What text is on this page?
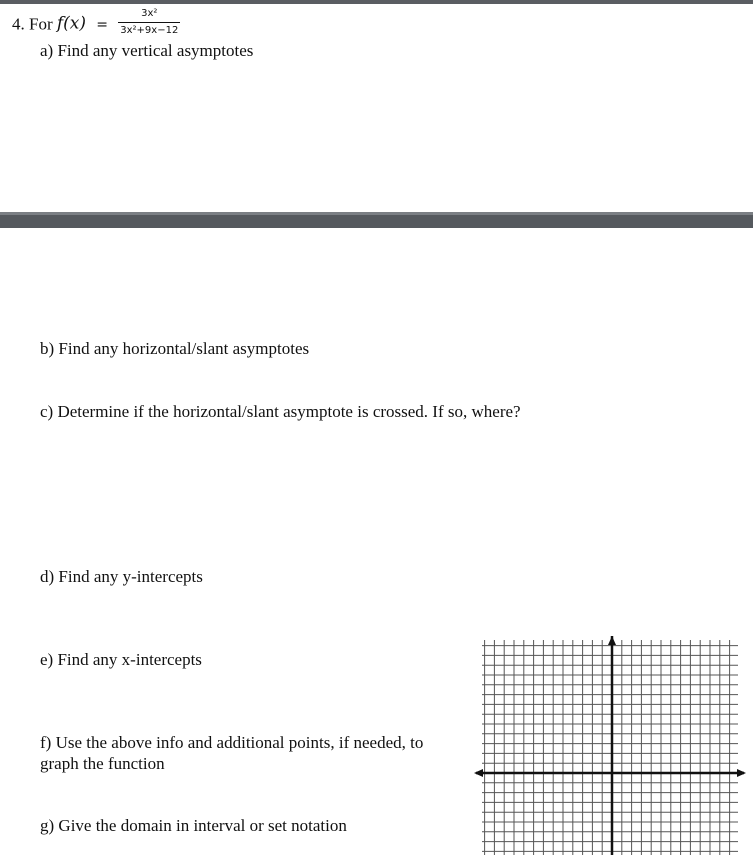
4. For $f(x) = \frac{\text{3x²}}{\text{3x²+9x−12}}$
a) Find any vertical asymptotes
b) Find any horizontal/slant asymptotes
c) Determine if the horizontal/slant asymptote is crossed. If so, where?
d) Find any y-intercepts
e) Find any x-intercepts
f) Use the above info and additional points, if needed, to
graph the function
g) Give the domain in interval or set notation
